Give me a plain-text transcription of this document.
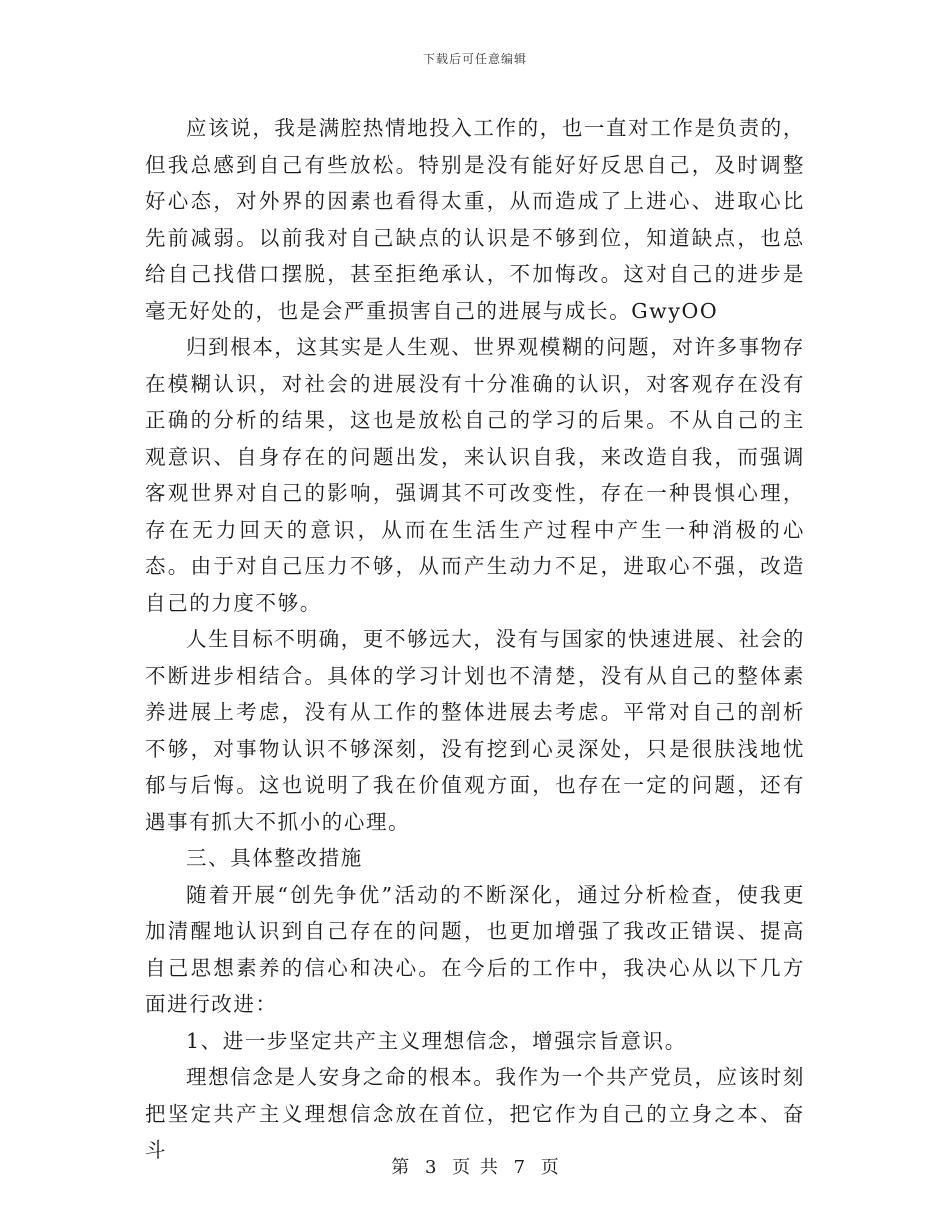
下载后可任意编辑

应该说，我是满腔热情地投入工作的，也一直对工作是负责的，但我总感到自己有些放松。特别是没有能好好反思自己，及时调整好心态，对外界的因素也看得太重，从而造成了上进心、进取心比先前减弱。以前我对自己缺点的认识是不够到位，知道缺点，也总给自己找借口摆脱，甚至拒绝承认，不加悔改。这对自己的进步是毫无好处的，也是会严重损害自己的进展与成长。GwyOO

归到根本，这其实是人生观、世界观模糊的问题，对许多事物存在模糊认识，对社会的进展没有十分准确的认识，对客观存在没有正确的分析的结果，这也是放松自己的学习的后果。不从自己的主观意识、自身存在的问题出发，来认识自我，来改造自我，而强调客观世界对自己的影响，强调其不可改变性，存在一种畏惧心理，存在无力回天的意识，从而在生活生产过程中产生一种消极的心态。由于对自己压力不够，从而产生动力不足，进取心不强，改造自己的力度不够。

人生目标不明确，更不够远大，没有与国家的快速进展、社会的不断进步相结合。具体的学习计划也不清楚，没有从自己的整体素养进展上考虑，没有从工作的整体进展去考虑。平常对自己的剖析不够，对事物认识不够深刻，没有挖到心灵深处，只是很肤浅地忧郁与后悔。这也说明了我在价值观方面，也存在一定的问题，还有遇事有抓大不抓小的心理。

三、具体整改措施

随着开展“创先争优”活动的不断深化，通过分析检查，使我更加清醒地认识到自己存在的问题，也更加增强了我改正错误、提高自己思想素养的信心和决心。在今后的工作中，我决心从以下几方面进行改进：

1、进一步坚定共产主义理想信念，增强宗旨意识。

理想信念是人安身之命的根本。我作为一个共产党员，应该时刻把坚定共产主义理想信念放在首位，把它作为自己的立身之本、奋斗

第 3 页 共 7 页
